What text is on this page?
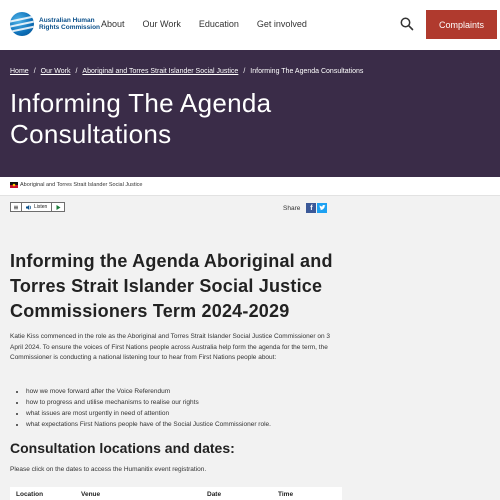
Australian Human Rights Commission About Our Work Education Get involved	Complaints
Home / Our Work / Aboriginal and Torres Strait Islander Social Justice / Informing The Agenda Consultations
Informing The Agenda Consultations
Aboriginal and Torres Strait Islander Social Justice
Listen	Share	f
Informing the Agenda Aboriginal and Torres Strait Islander Social Justice Commissioners Term 2024-2029

Katie Kiss commenced in the role as the Aboriginal and Torres Strait Islander Social Justice Commissioner on 3 April 2024. To ensure the voices of First Nations people across Australia help form the agenda for the term, the Commissioner is conducting a national listening tour to hear from First Nations people about:

• how we move forward after the Voice Referendum
• how to progress and utilise mechanisms to realise our rights
• what issues are most urgently in need of attention
• what expectations First Nations people have of the Social Justice Commissioner role.
Consultation locations and dates:

Please click on the dates to access the Humanitix event registration.

Location	Venue	Date	Time
